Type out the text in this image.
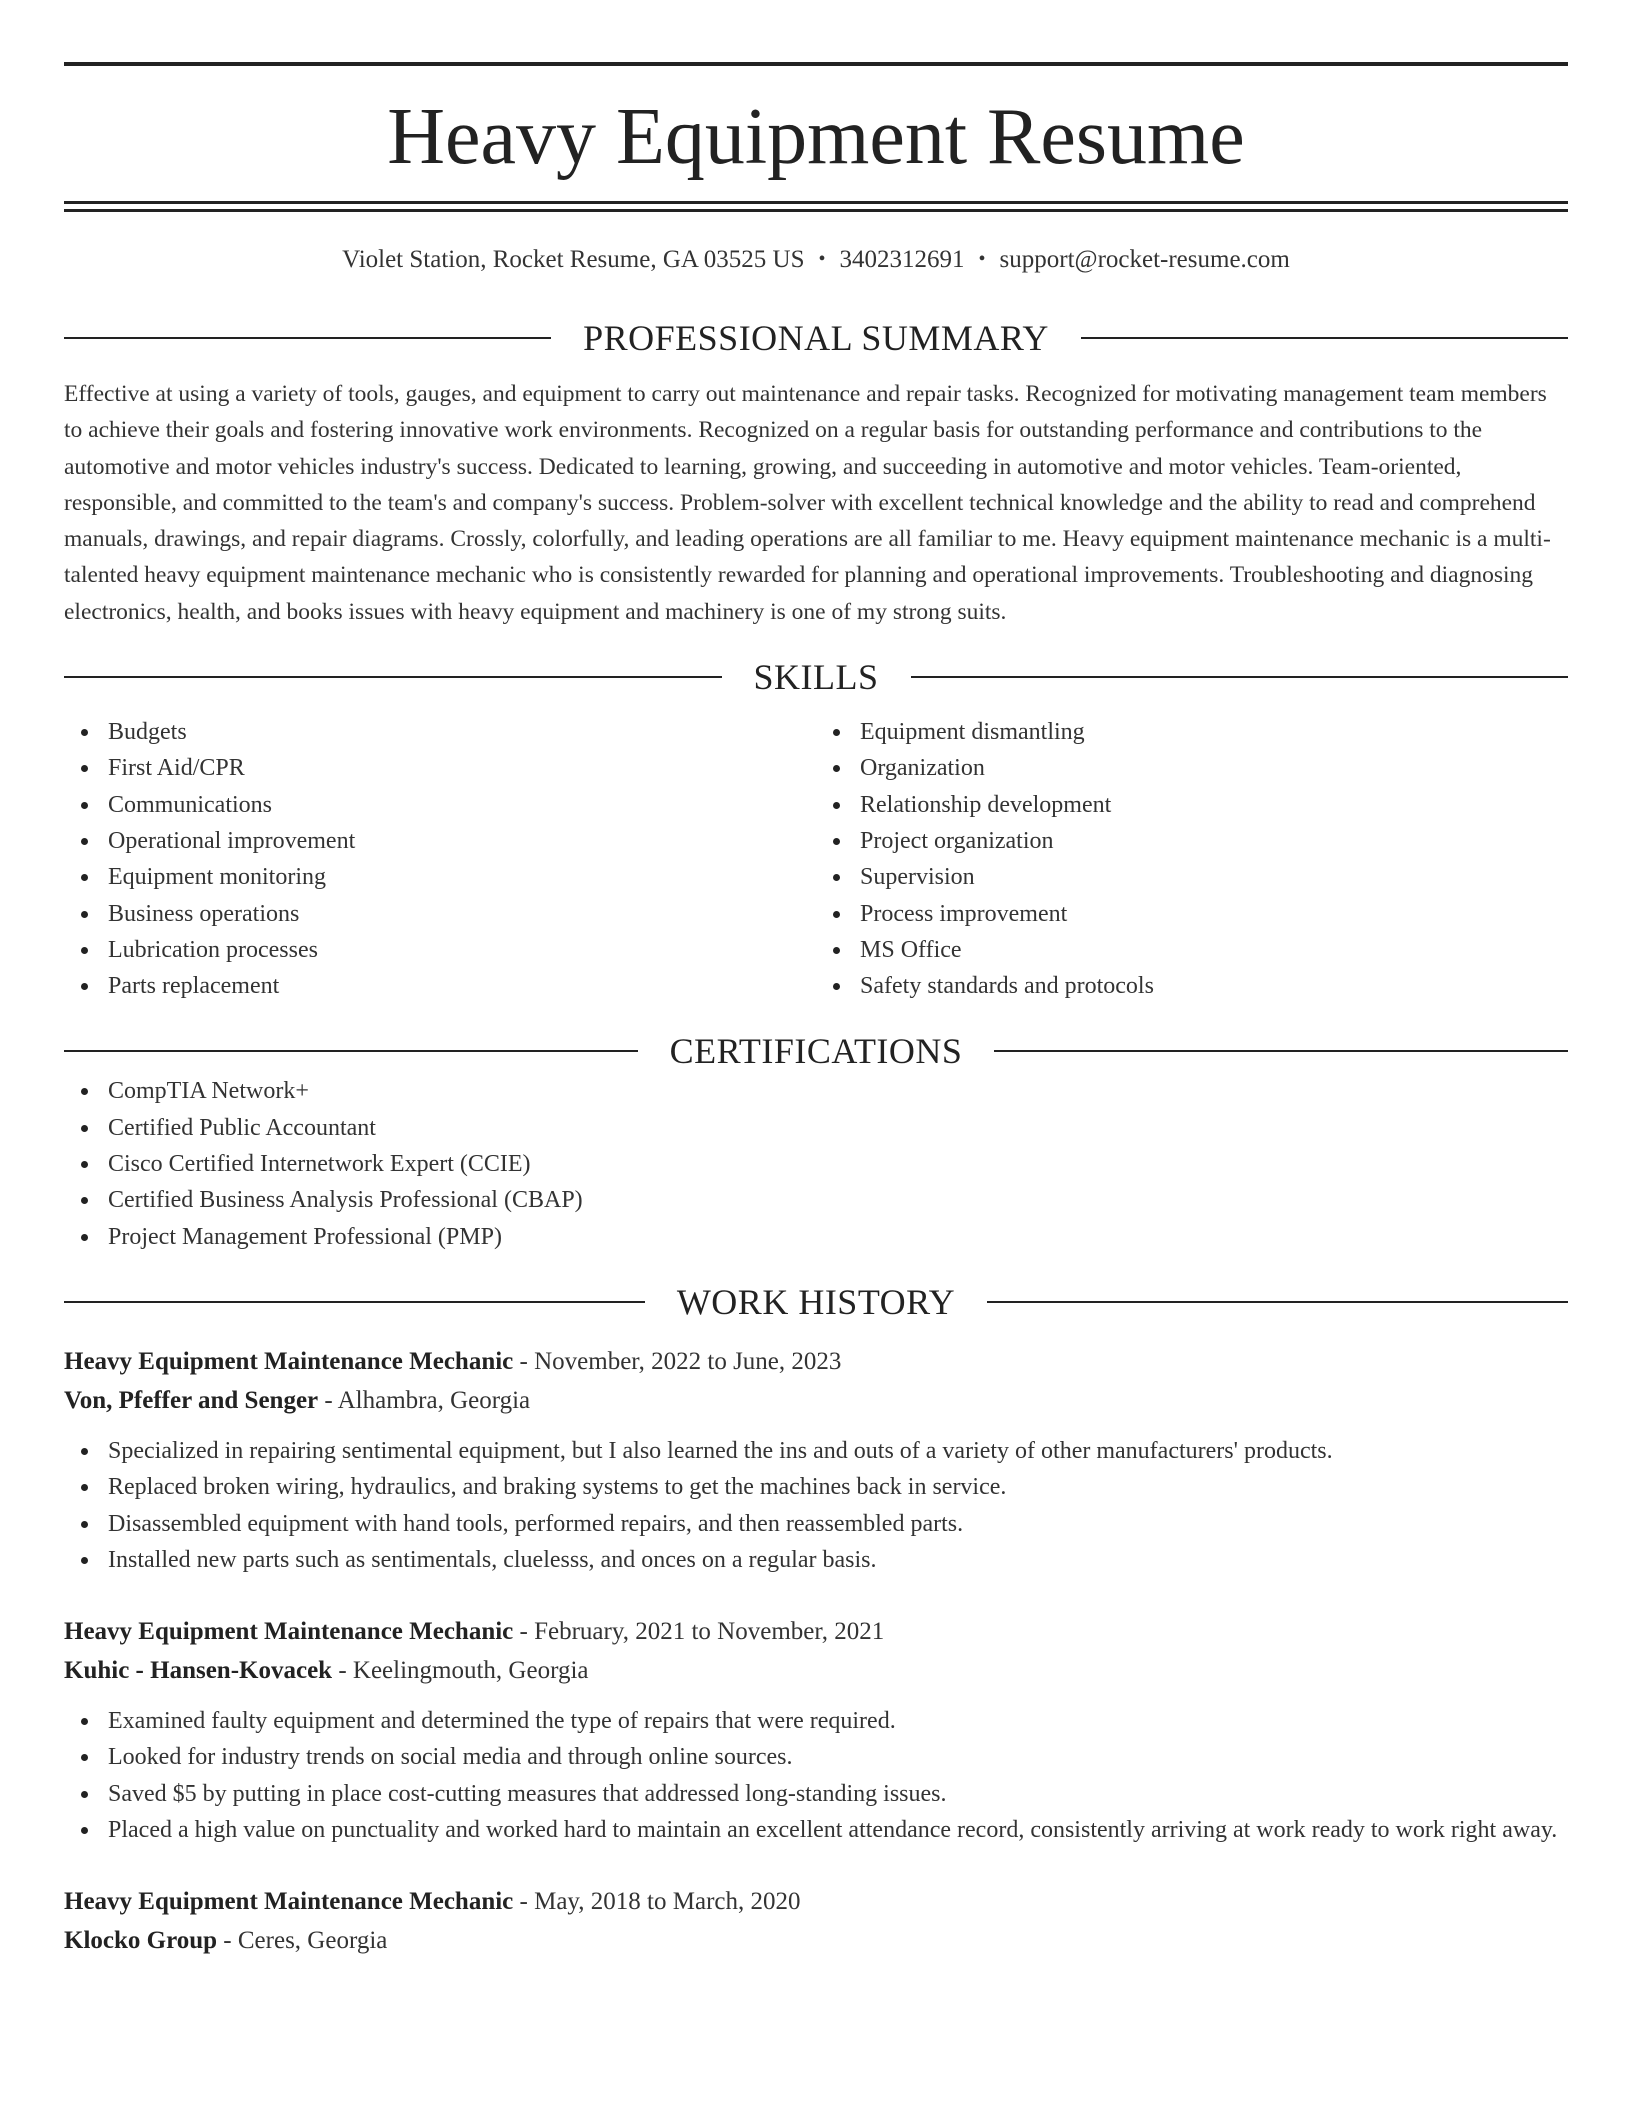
Heavy Equipment Resume
Violet Station, Rocket Resume, GA 03525 US • 3402312691 • support@rocket-resume.com
PROFESSIONAL SUMMARY

Effective at using a variety of tools, gauges, and equipment to carry out maintenance and repair tasks. Recognized for motivating management team members to achieve their goals and fostering innovative work environments. Recognized on a regular basis for outstanding performance and contributions to the automotive and motor vehicles industry's success. Dedicated to learning, growing, and succeeding in automotive and motor vehicles. Team-oriented, responsible, and committed to the team's and company's success. Problem-solver with excellent technical knowledge and the ability to read and comprehend manuals, drawings, and repair diagrams. Crossly, colorfully, and leading operations are all familiar to me. Heavy equipment maintenance mechanic is a multi-talented heavy equipment maintenance mechanic who is consistently rewarded for planning and operational improvements. Troubleshooting and diagnosing electronics, health, and books issues with heavy equipment and machinery is one of my strong suits.

SKILLS
Budgets
First Aid/CPR
Communications
Operational improvement
Equipment monitoring
Business operations
Lubrication processes
Parts replacement
Equipment dismantling
Organization
Relationship development
Project organization
Supervision
Process improvement
MS Office
Safety standards and protocols
CERTIFICATIONS
CompTIA Network+
Certified Public Accountant
Cisco Certified Internetwork Expert (CCIE)
Certified Business Analysis Professional (CBAP)
Project Management Professional (PMP)
WORK HISTORY
Heavy Equipment Maintenance Mechanic - November, 2022 to June, 2023
Von, Pfeffer and Senger - Alhambra, Georgia
Specialized in repairing sentimental equipment, but I also learned the ins and outs of a variety of other manufacturers' products.
Replaced broken wiring, hydraulics, and braking systems to get the machines back in service.
Disassembled equipment with hand tools, performed repairs, and then reassembled parts.
Installed new parts such as sentimentals, cluelesss, and onces on a regular basis.
Heavy Equipment Maintenance Mechanic - February, 2021 to November, 2021
Kuhic - Hansen-Kovacek - Keelingmouth, Georgia
Examined faulty equipment and determined the type of repairs that were required.
Looked for industry trends on social media and through online sources.
Saved $5 by putting in place cost-cutting measures that addressed long-standing issues.
Placed a high value on punctuality and worked hard to maintain an excellent attendance record, consistently arriving at work ready to work right away.
Heavy Equipment Maintenance Mechanic - May, 2018 to March, 2020
Klocko Group - Ceres, Georgia
